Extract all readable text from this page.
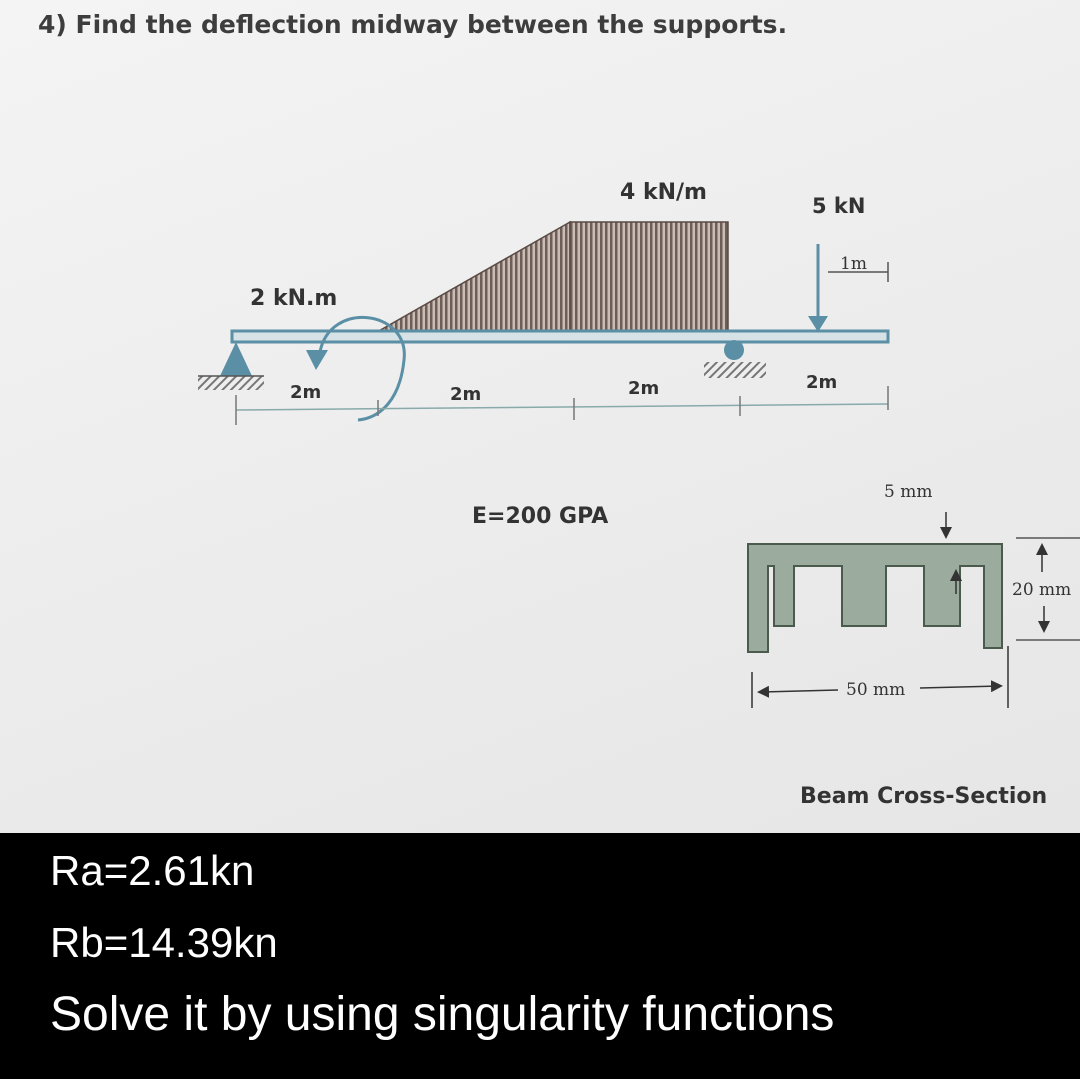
4) Find the deflection midway between the supports.
4 kN/m
5 kN
2 kN.m
1m
2m	2m	2m	2m
E=200 GPA
5 mm
20 mm
50 mm
Beam Cross-Section
Ra=2.61kn
Rb=14.39kn
Solve it by using singularity functions
